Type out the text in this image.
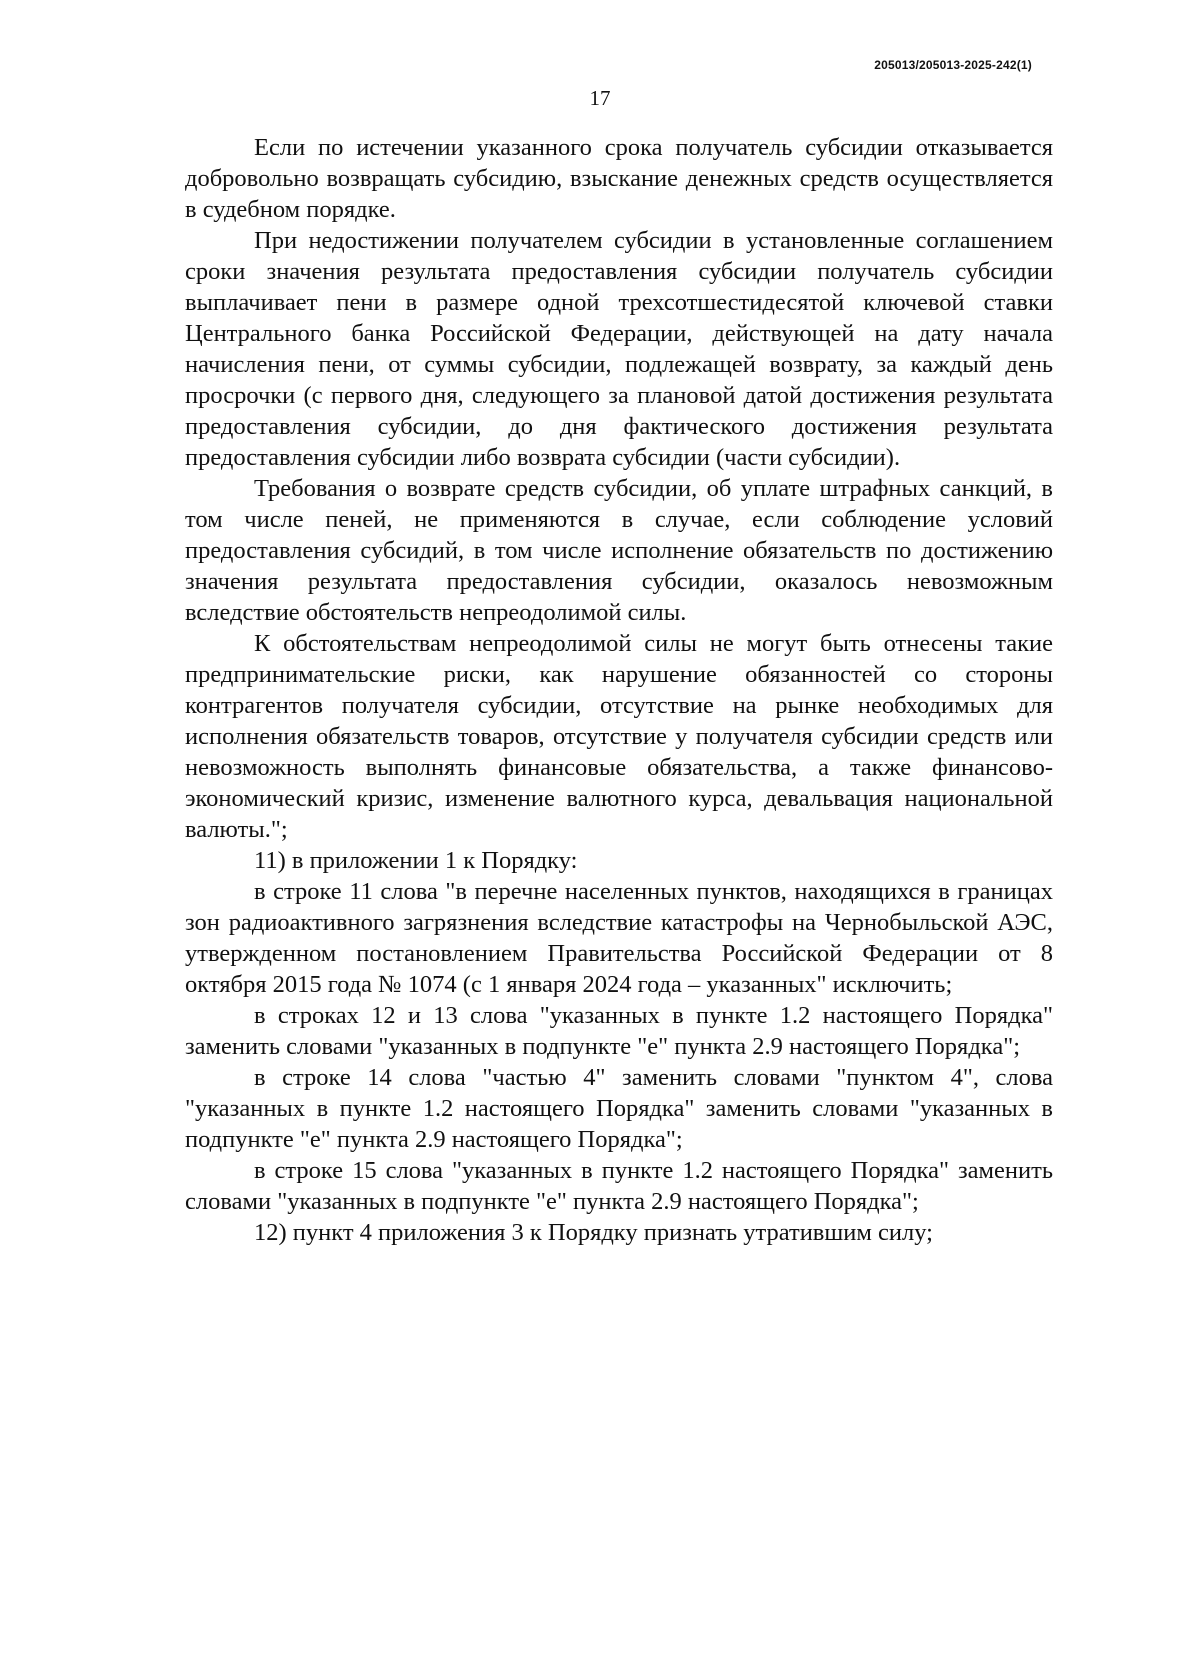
205013/205013-2025-242(1)
17

Если по истечении указанного срока получатель субсидии отказывается добровольно возвращать субсидию, взыскание денежных средств осуществляется в судебном порядке.

При недостижении получателем субсидии в установленные соглашением сроки значения результата предоставления субсидии получатель субсидии выплачивает пени в размере одной трехсотшестидесятой ключевой ставки Центрального банка Российской Федерации, действующей на дату начала начисления пени, от суммы субсидии, подлежащей возврату, за каждый день просрочки (с первого дня, следующего за плановой датой достижения результата предоставления субсидии, до дня фактического достижения результата предоставления субсидии либо возврата субсидии (части субсидии).

Требования о возврате средств субсидии, об уплате штрафных санкций, в том числе пеней, не применяются в случае, если соблюдение условий предоставления субсидий, в том числе исполнение обязательств по достижению значения результата предоставления субсидии, оказалось невозможным вследствие обстоятельств непреодолимой силы.

К обстоятельствам непреодолимой силы не могут быть отнесены такие предпринимательские риски, как нарушение обязанностей со стороны контрагентов получателя субсидии, отсутствие на рынке необходимых для исполнения обязательств товаров, отсутствие у получателя субсидии средств или невозможность выполнять финансовые обязательства, а также финансово-экономический кризис, изменение валютного курса, девальвация национальной валюты.";

11) в приложении 1 к Порядку:

в строке 11 слова "в перечне населенных пунктов, находящихся в границах зон радиоактивного загрязнения вследствие катастрофы на Чернобыльской АЭС, утвержденном постановлением Правительства Российской Федерации от 8 октября 2015 года № 1074 (с 1 января 2024 года – указанных" исключить;

в строках 12 и 13 слова "указанных в пункте 1.2 настоящего Порядка" заменить словами "указанных в подпункте "е" пункта 2.9 настоящего Порядка";

в строке 14 слова "частью 4" заменить словами "пунктом 4", слова "указанных в пункте 1.2 настоящего Порядка" заменить словами "указанных в подпункте "е" пункта 2.9 настоящего Порядка";

в строке 15 слова "указанных в пункте 1.2 настоящего Порядка" заменить словами "указанных в подпункте "е" пункта 2.9 настоящего Порядка";

12) пункт 4 приложения 3 к Порядку признать утратившим силу;
